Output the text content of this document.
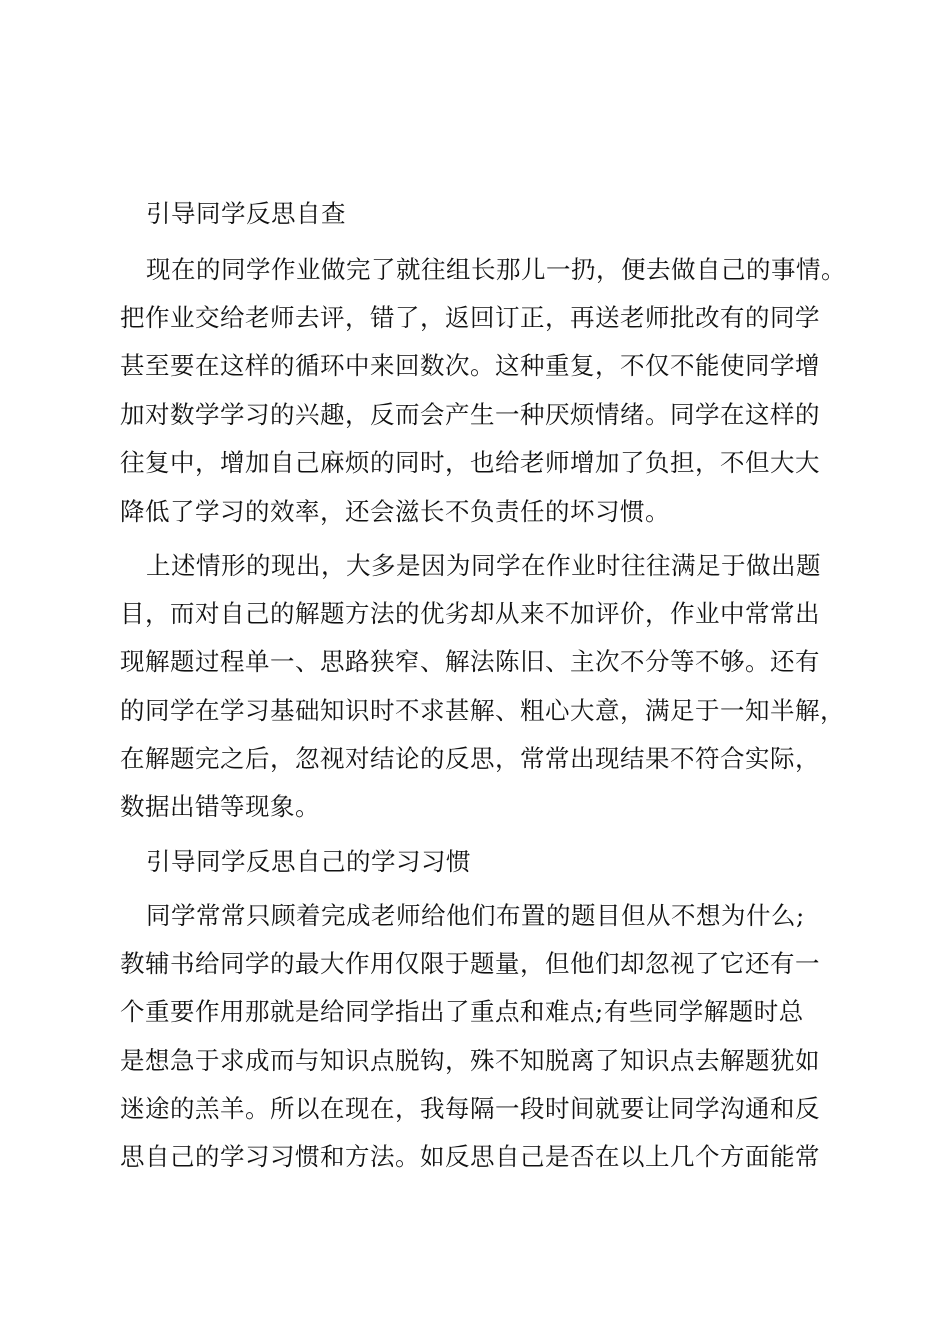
引导同学反思自查

现在的同学作业做完了就往组长那儿一扔，便去做自己的事情。

把作业交给老师去评，错了，返回订正，再送老师批改有的同学

甚至要在这样的循环中来回数次。这种重复，不仅不能使同学增

加对数学学习的兴趣，反而会产生一种厌烦情绪。同学在这样的

往复中，增加自己麻烦的同时，也给老师增加了负担，不但大大

降低了学习的效率，还会滋长不负责任的坏习惯。

上述情形的现出，大多是因为同学在作业时往往满足于做出题

目，而对自己的解题方法的优劣却从来不加评价，作业中常常出

现解题过程单一、思路狭窄、解法陈旧、主次不分等不够。还有

的同学在学习基础知识时不求甚解、粗心大意，满足于一知半解，

在解题完之后，忽视对结论的反思，常常出现结果不符合实际，

数据出错等现象。

引导同学反思自己的学习习惯

同学常常只顾着完成老师给他们布置的题目但从不想为什么;

教辅书给同学的最大作用仅限于题量，但他们却忽视了它还有一

个重要作用那就是给同学指出了重点和难点;有些同学解题时总

是想急于求成而与知识点脱钩，殊不知脱离了知识点去解题犹如

迷途的羔羊。所以在现在，我每隔一段时间就要让同学沟通和反

思自己的学习习惯和方法。如反思自己是否在以上几个方面能常
